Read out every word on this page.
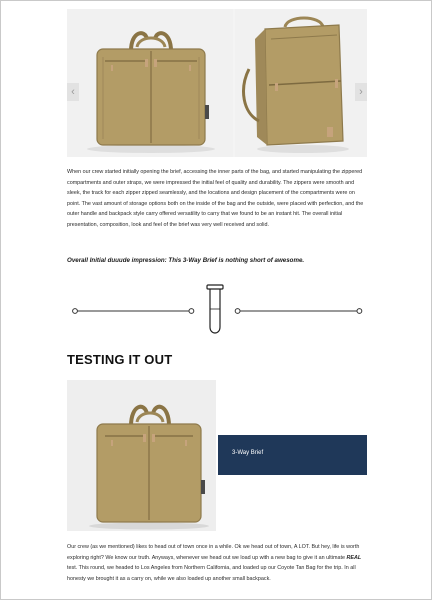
‹	›

When our crew started initially opening the brief, accessing the inner parts of the bag, and started manipulating the zippered compartments and outer straps, we were impressed the initial feel of quality and durability. The zippers were smooth and sleek, the track for each zipper zipped seamlessly, and the locations and design placement of the compartments were on point. The vast amount of storage options both on the inside of the bag and the outside, were placed with perfection, and the outer handle and backpack style carry offered versatility to carry that we found to be an instant hit. The overall initial presentation, composition, look and feel of the brief was very well received and solid.

Overall Initial duuude impression: This 3-Way Brief is nothing short of awesome.

TESTING IT OUT
3-Way Brief

Our crew (as we mentioned) likes to head out of town once in a while. Ok we head out of town, A LOT. But hey, life is worth exploring right? We know our truth. Anyways, whenever we head out we load up with a new bag to give it an ultimate REAL test. This round, we headed to Los Angeles from Northern California, and loaded up our Coyote Tan Bag for the trip. In all honesty we brought it as a carry on, while we also loaded up another small backpack.
